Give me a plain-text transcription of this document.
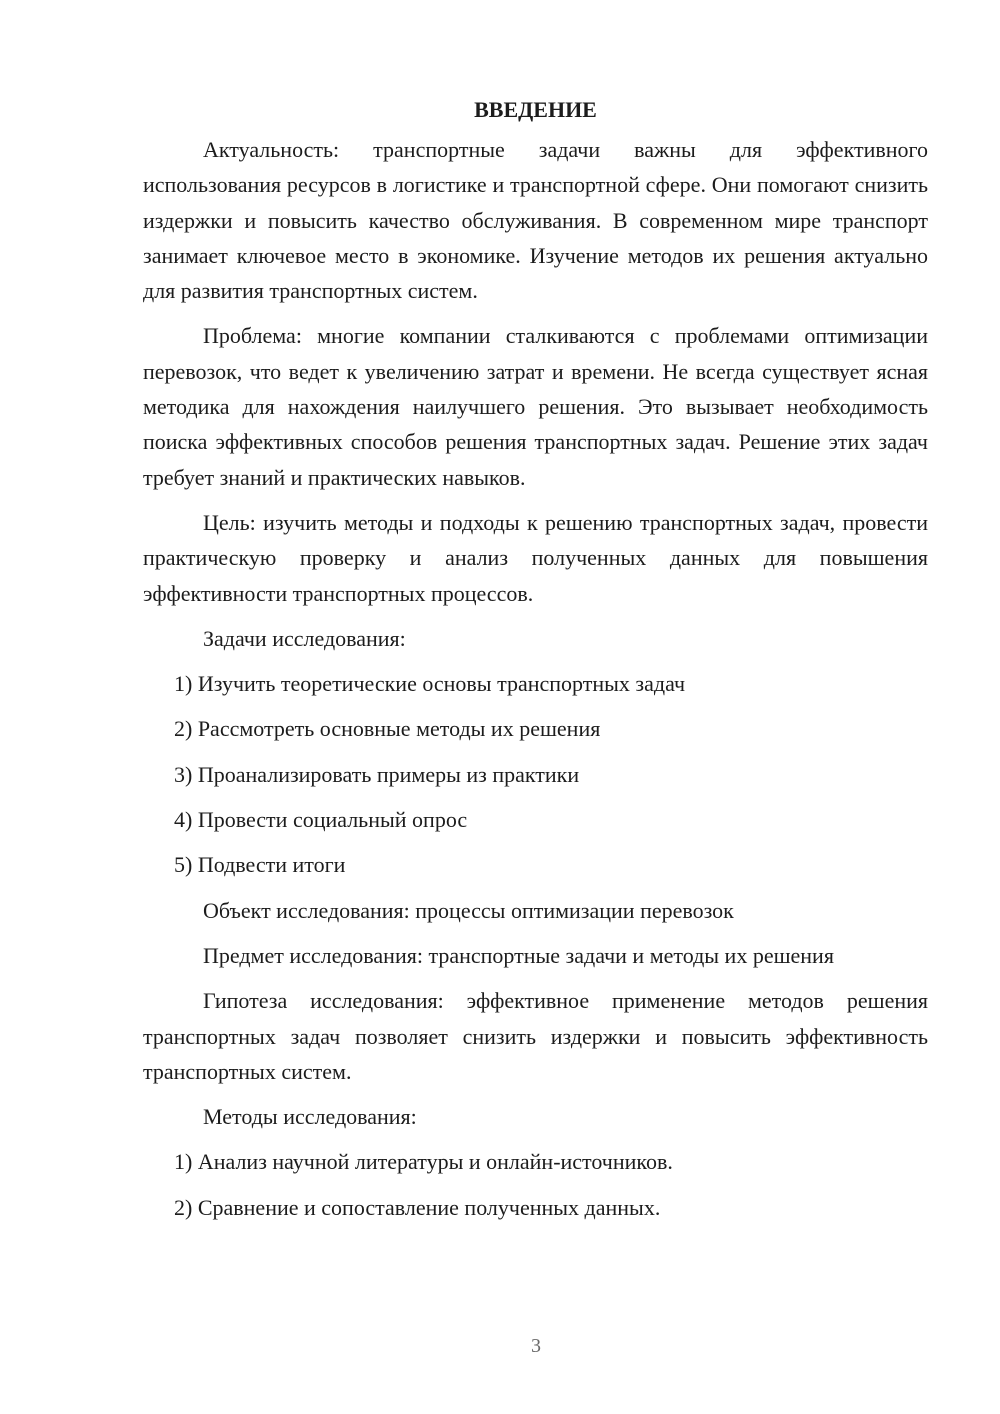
ВВЕДЕНИЕ

Актуальность: транспортные задачи важны для эффективного использования ресурсов в логистике и транспортной сфере. Они помогают снизить издержки и повысить качество обслуживания. В современном мире транспорт занимает ключевое место в экономике. Изучение методов их решения актуально для развития транспортных систем.

Проблема: многие компании сталкиваются с проблемами оптимизации перевозок, что ведет к увеличению затрат и времени. Не всегда существует ясная методика для нахождения наилучшего решения. Это вызывает необходимость поиска эффективных способов решения транспортных задач. Решение этих задач требует знаний и практических навыков.

Цель: изучить методы и подходы к решению транспортных задач, провести практическую проверку и анализ полученных данных для повышения эффективности транспортных процессов.

Задачи исследования:
1) Изучить теоретические основы транспортных задач
2) Рассмотреть основные методы их решения
3) Проанализировать примеры из практики
4) Провести социальный опрос
5) Подвести итоги
Объект исследования: процессы оптимизации перевозок
Предмет исследования: транспортные задачи и методы их решения

Гипотеза исследования: эффективное применение методов решения транспортных задач позволяет снизить издержки и повысить эффективность транспортных систем.

Методы исследования:
1) Анализ научной литературы и онлайн-источников.
2) Сравнение и сопоставление полученных данных.
3
